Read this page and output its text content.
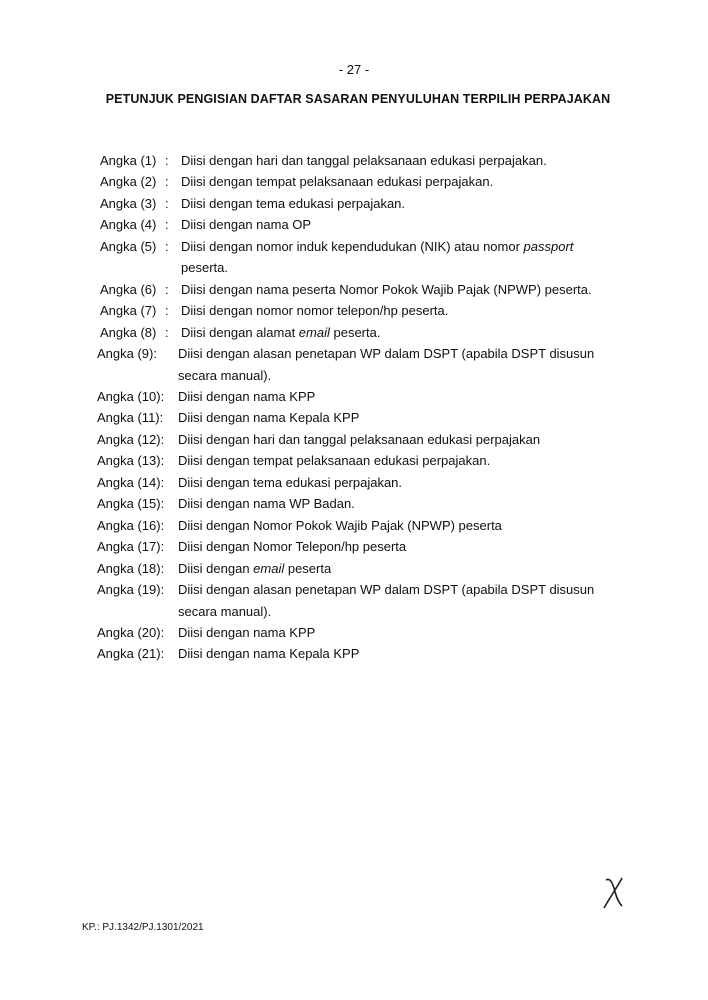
- 27 -
PETUNJUK PENGISIAN DAFTAR SASARAN PENYULUHAN TERPILIH PERPAJAKAN
Angka (1) : Diisi dengan hari dan tanggal pelaksanaan edukasi perpajakan.
Angka (2) : Diisi dengan tempat pelaksanaan edukasi perpajakan.
Angka (3) : Diisi dengan tema edukasi perpajakan.
Angka (4) : Diisi dengan nama OP
Angka (5) : Diisi dengan nomor induk kependudukan (NIK) atau nomor passport peserta.
Angka (6) : Diisi dengan nama peserta Nomor Pokok Wajib Pajak (NPWP) peserta.
Angka (7) : Diisi dengan nomor nomor telepon/hp peserta.
Angka (8) : Diisi dengan alamat email peserta.
Angka (9): Diisi dengan alasan penetapan WP dalam DSPT (apabila DSPT disusun secara manual).
Angka (10): Diisi dengan nama KPP
Angka (11): Diisi dengan nama Kepala KPP
Angka (12): Diisi dengan hari dan tanggal pelaksanaan edukasi perpajakan
Angka (13): Diisi dengan tempat pelaksanaan edukasi perpajakan.
Angka (14): Diisi dengan tema edukasi perpajakan.
Angka (15): Diisi dengan nama WP Badan.
Angka (16): Diisi dengan Nomor Pokok Wajib Pajak (NPWP) peserta
Angka (17): Diisi dengan Nomor Telepon/hp peserta
Angka (18): Diisi dengan email peserta
Angka (19): Diisi dengan alasan penetapan WP dalam DSPT (apabila DSPT disusun secara manual).
Angka (20): Diisi dengan nama KPP
Angka (21): Diisi dengan nama Kepala KPP
KP.: PJ.1342/PJ.1301/2021
